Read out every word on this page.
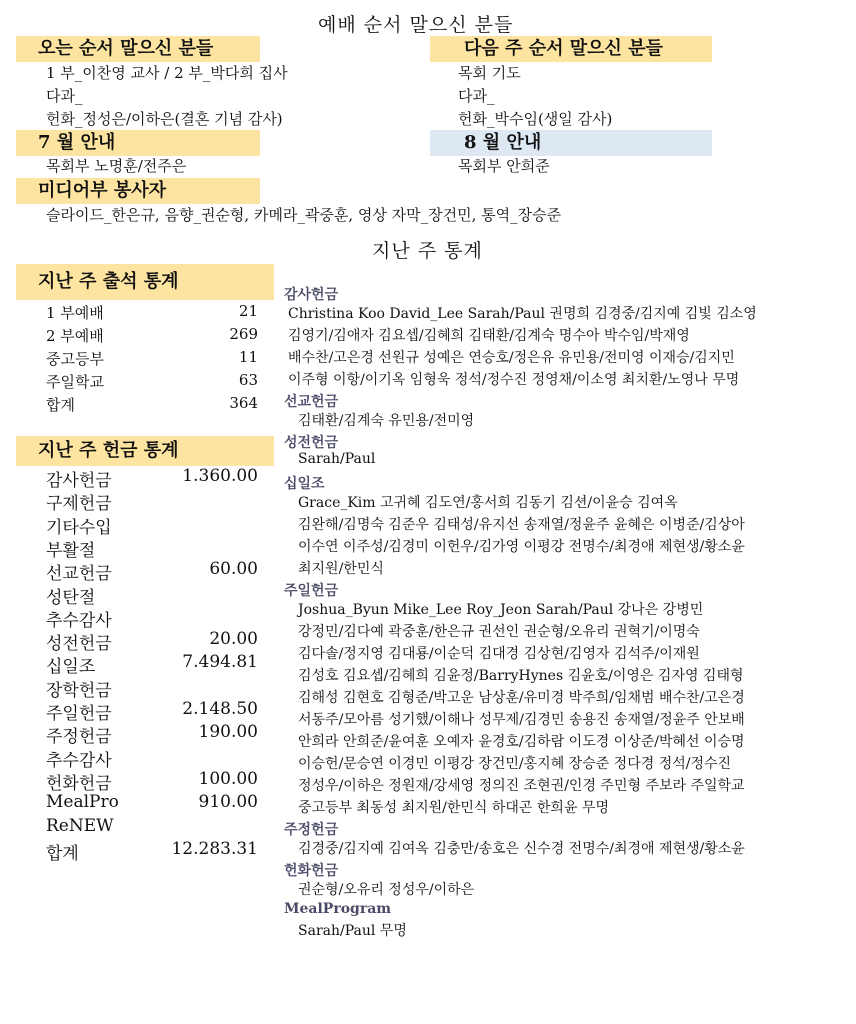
예배 순서 말으신 분들
오는 순서 말으신 분들
1 부_이찬영 교사 / 2 부_박다희 집사
다과_
헌화_정성은/이하은(결혼 기념 감사)
다음 주 순서 말으신 분들
목회 기도
다과_
헌화_박수임(생일 감사)
7 월 안내
목회부 노명훈/전주은
8 월 안내
목회부 안희준
미디어부 봉사자
슬라이드_한은규, 음향_권순형, 카메라_곽중훈, 영상 자막_장건민, 통역_장승준
지난 주 통계
지난 주 출석 통계
1 부예배	21
2 부예배	269
중고등부	11
주일학교	63
합계	364
지난 주 헌금 통계
감사헌금	1.360.00
구제헌금
기타수입
부활절
선교헌금	60.00
성탄절
추수감사
성전헌금	20.00
십일조	7.494.81
장학헌금
주일헌금	2.148.50
주정헌금	190.00
추수감사
헌화헌금	100.00
MealPro	910.00
ReNEW
합계	12.283.31
감사헌금
Christina Koo David_Lee Sarah/Paul 권명희 김경중/김지예 김빛 김소영
김영기/김애자 김요셉/김혜희 김태환/김계숙 명수아 박수임/박재영
배수찬/고은경 선원규 성예은 연승호/정은유 유민용/전미영 이재승/김지민
이주형 이항/이기옥 임형욱 정석/정수진 정영채/이소영 최치환/노영나 무명
선교헌금
김태환/김계숙 유민용/전미영
성전헌금
Sarah/Paul
십일조
Grace_Kim 고귀혜 김도연/홍서희 김동기 김션/이윤승 김여옥
김완해/김명숙 김준우 김태성/유지선 송재열/정윤주 윤혜은 이병준/김상아
이수연 이주성/김경미 이헌우/김가영 이평강 전명수/최경애 제현생/황소윤
최지원/한민식
주일헌금
Joshua_Byun Mike_Lee Roy_Jeon Sarah/Paul 강나은 강병민
강정민/김다예 곽중훈/한은규 권선인 권순형/오유리 권혁기/이명숙
김다솔/정지영 김대룡/이순덕 김대경 김상현/김영자 김석주/이재원
김성호 김요셉/김혜희 김윤정/BarryHynes 김윤호/이영은 김자영 김태형
김해성 김현호 김형준/박고운 남상훈/유미경 박주희/임채범 배수찬/고은경
서동주/모아름 성기했/이해나 성무제/김경민 송용진 송재열/정윤주 안보배
안희라 안희준/윤여훈 오예자 윤경호/김하람 이도경 이상준/박혜선 이승명
이승헌/문승연 이경민 이평강 장건민/홍지혜 장승준 정다경 정석/정수진
정성우/이하은 정원재/강세영 정의진 조현권/인경 주민형 주보라 주일학교
중고등부 최동성 최지원/한민식 하대곤 한희윤 무명
주정헌금
김경중/김지예 김여옥 김충만/송호은 신수경 전명수/최경애 제현생/황소윤
헌화헌금
권순형/오유리 정성우/이하은
MealProgram
Sarah/Paul 무명
